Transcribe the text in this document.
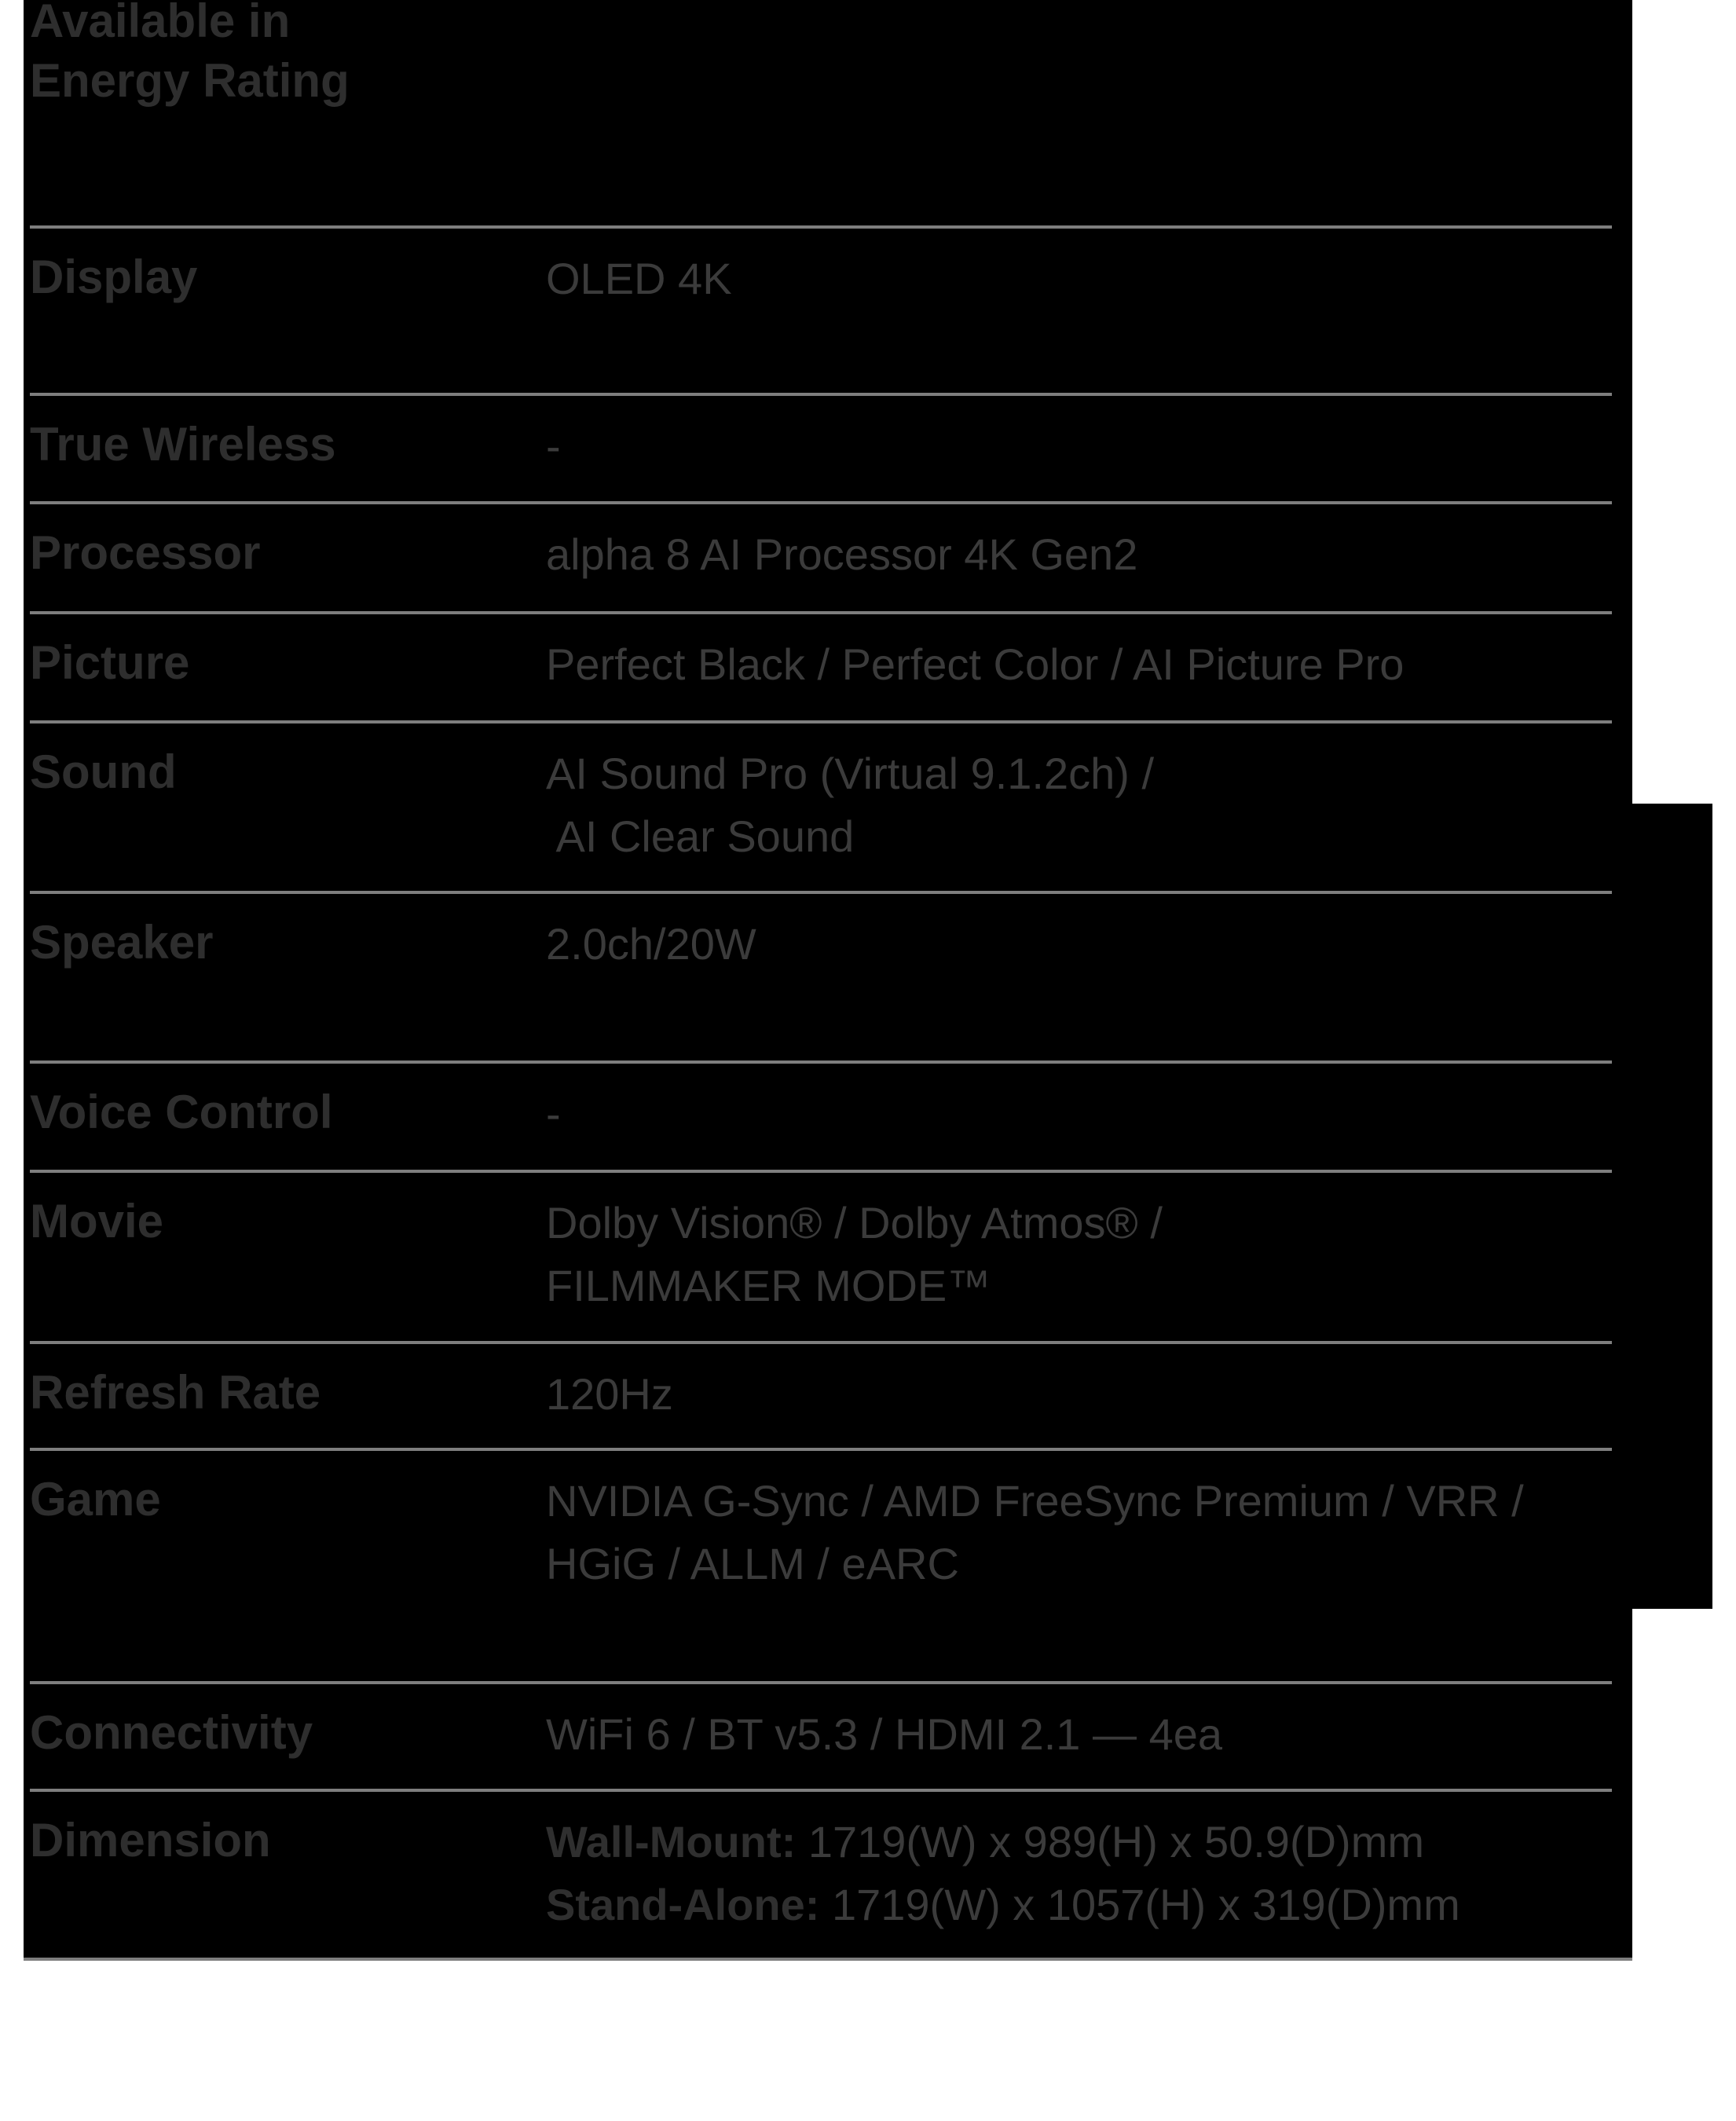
Available in
Energy Rating
Display	OLED 4K
True Wireless	-
Processor	alpha 8 AI Processor 4K Gen2
Picture	Perfect Black / Perfect Color / AI Picture Pro
Sound	AI Sound Pro (Virtual 9.1.2ch) /
AI Clear Sound
Speaker	2.0ch/20W
Voice Control	-
Movie	Dolby Vision® / Dolby Atmos® /
FILMMAKER MODE™
Refresh Rate	120Hz
Game	NVIDIA G-Sync / AMD FreeSync Premium / VRR /
HGiG / ALLM / eARC
Connectivity	WiFi 6 / BT v5.3 / HDMI 2.1 — 4ea
Dimension	Wall-Mount: 1719(W) x 989(H) x 50.9(D)mm
Stand-Alone: 1719(W) x 1057(H) x 319(D)mm
